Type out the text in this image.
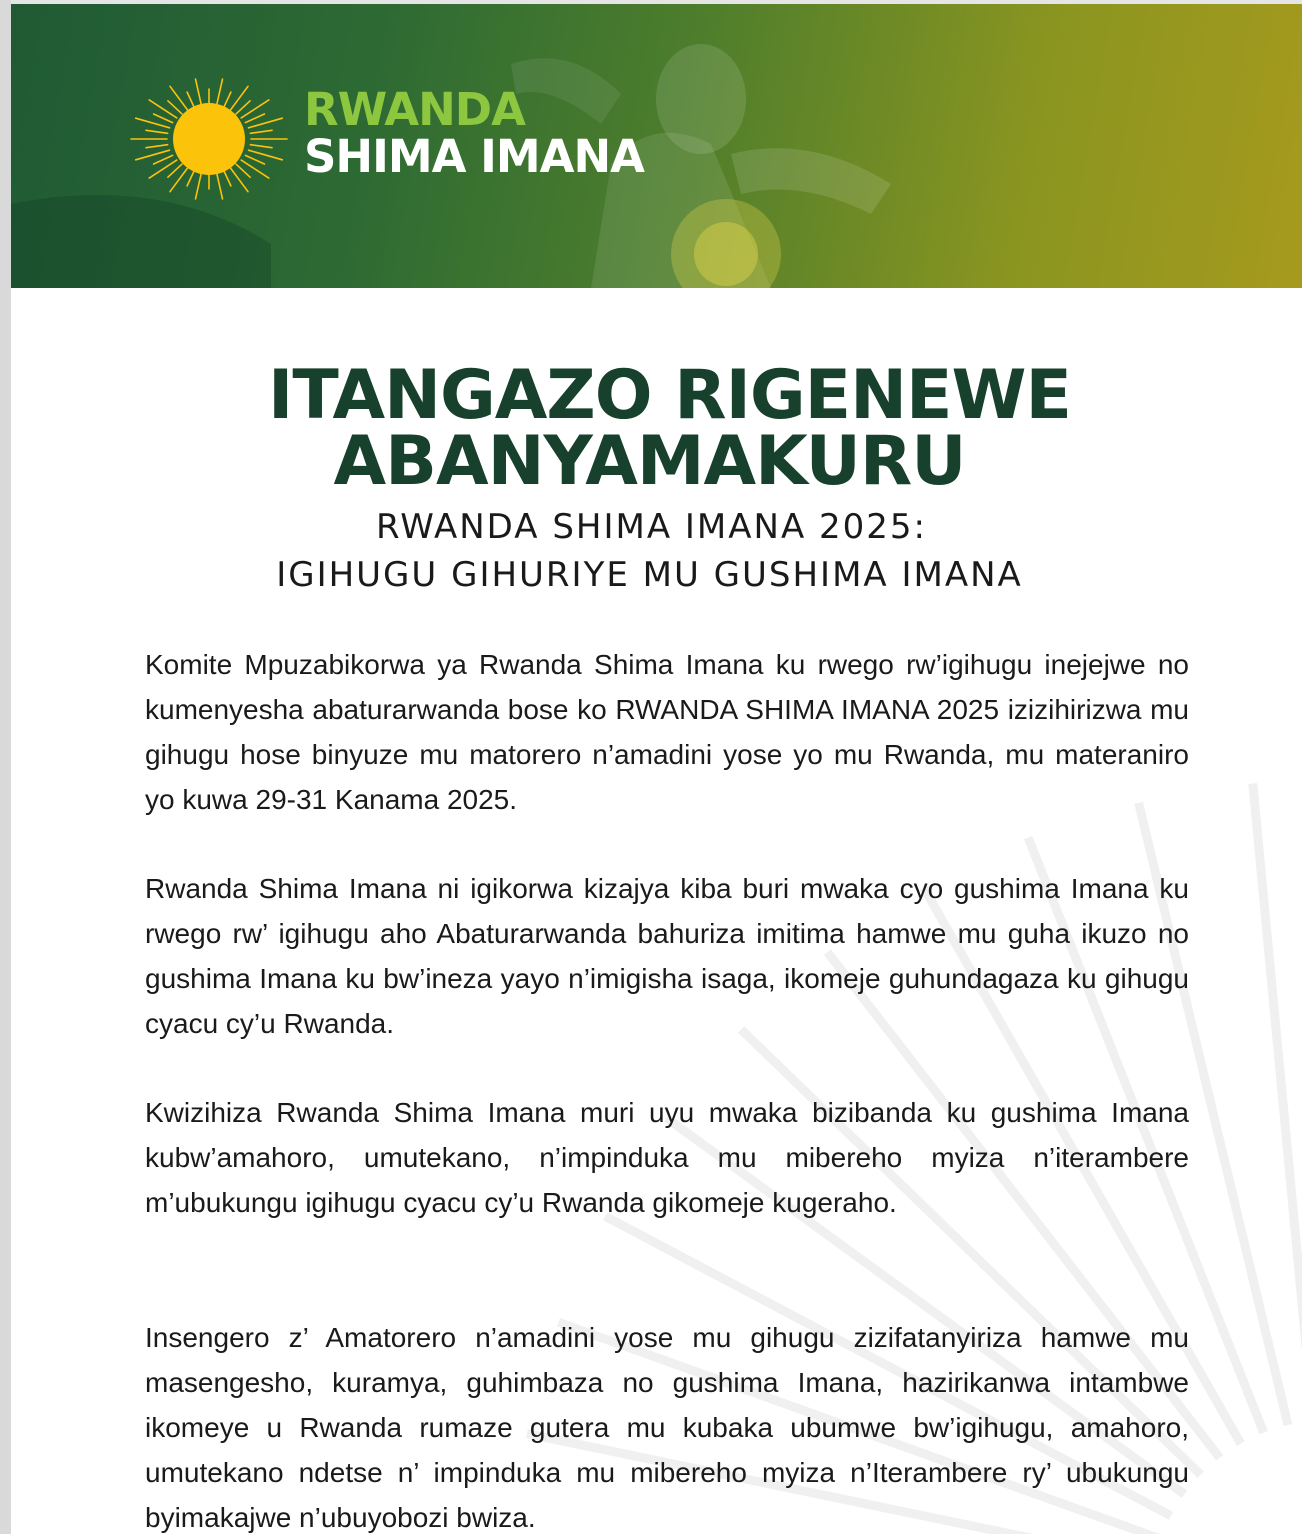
RWANDA
SHIMA IMANA
ITANGAZO RIGENEWE
ABANYAMAKURU
RWANDA SHIMA IMANA 2025:
IGIHUGU GIHURIYE MU GUSHIMA IMANA

Komite Mpuzabikorwa ya Rwanda Shima Imana ku rwego rw’igihugu inejejwe no kumenyesha abaturarwanda bose ko RWANDA SHIMA IMANA 2025 izizihirizwa mu gihugu hose binyuze mu matorero n’amadini yose yo mu Rwanda, mu materaniro yo kuwa 29-31 Kanama 2025.

Rwanda Shima Imana ni igikorwa kizajya kiba buri mwaka cyo gushima Imana ku rwego rw’ igihugu aho Abaturarwanda bahuriza imitima hamwe mu guha ikuzo no gushima Imana ku bw’ineza yayo n’imigisha isaga, ikomeje guhundagaza ku gihugu cyacu cy’u Rwanda.

Kwizihiza Rwanda Shima Imana muri uyu mwaka bizibanda ku gushima Imana kubw’amahoro, umutekano, n’impinduka mu mibereho myiza n’iterambere m’ubukungu igihugu cyacu cy’u Rwanda gikomeje kugeraho.

Insengero z’ Amatorero n’amadini yose mu gihugu zizifatanyiriza hamwe mu masengesho, kuramya, guhimbaza no gushima Imana, hazirikanwa intambwe ikomeye u Rwanda rumaze gutera mu kubaka ubumwe bw’igihugu, amahoro, umutekano ndetse n’ impinduka mu mibereho myiza n’Iterambere ry’ ubukungu byimakajwe n’ubuyobozi bwiza.
